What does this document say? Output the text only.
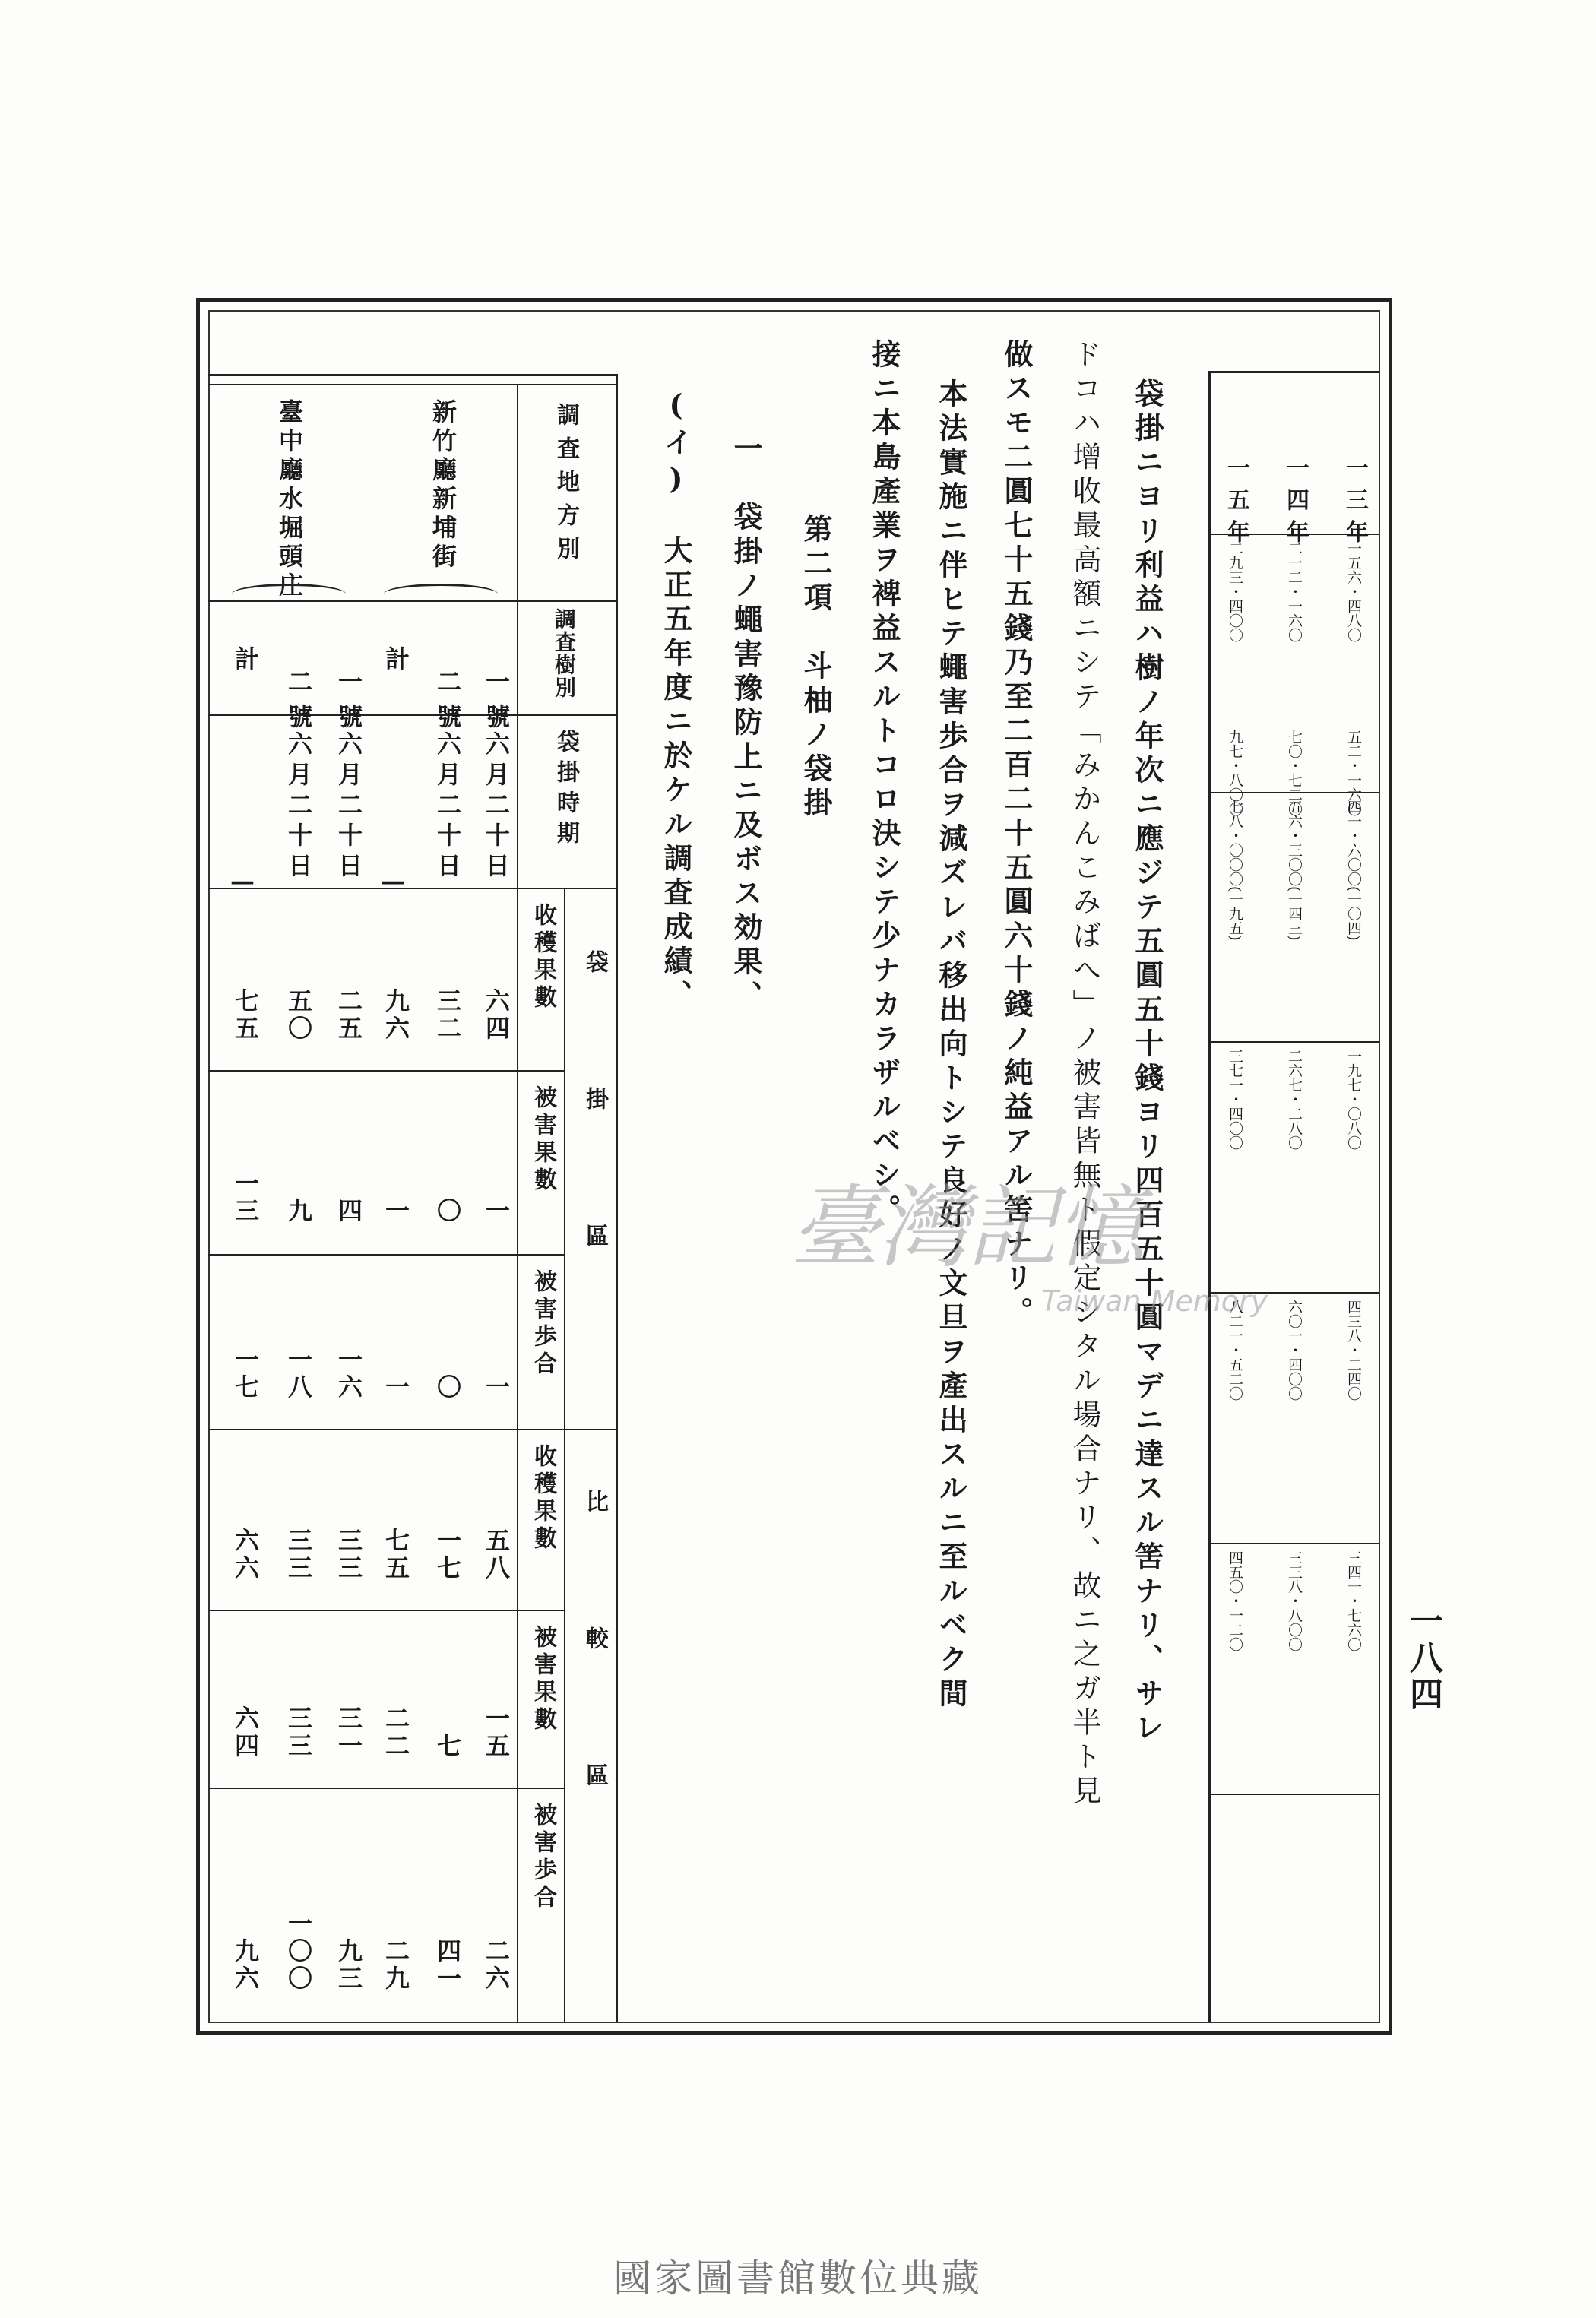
一八四
袋掛ニヨリ利益ハ樹ノ年次ニ應ジテ五圓五十錢ヨリ四百五十圓マデニ達スル筈ナリ、サレ
ドコハ增收最高額ニシテ「みかんこみばへ」ノ被害皆無ト假定シタル場合ナリ、故ニ之ガ半ト見
做スモ二圓七十五錢乃至二百二十五圓六十錢ノ純益アル筈ナリ。
本法實施ニ伴ヒテ蠅害歩合ヲ減ズレバ移出向トシテ良好ノ文旦ヲ產出スルニ至ルベク間
接ニ本島產業ヲ裨益スルトコロ決シテ少ナカラザルベシ。
第二項　斗柚ノ袋掛
一　袋掛ノ蠅害豫防上ニ及ボス効果、
(イ)　大正五年度ニ於ケル調査成績、
調査地方別
調査樹別
袋掛時期
袋掛區
比較區
收穫果數
被害果數
被害歩合
收穫果數
被害果數
被害歩合
新竹廳新埔街
臺中廳水堀頭庄
臺灣記憶
Taiwan Memory
國家圖書館數位典藏
一三年
五二・一六〇
一五六・四八〇
四一・六〇〇(一〇四)
一九七・〇八〇
四三八・二四〇
三四一・七六〇
一四年
七〇・七二〇
二一二・一六〇
五六・三〇〇(一四三)
二六七・二八〇
六〇一・四〇〇
三三八・八〇〇
一五年
九七・八〇〇
二九三・四〇〇
七八・〇〇〇(一九五)
三七一・四〇〇
八二一・五二〇
四五〇・一二〇
一號
六月二十日
六四
一
一
五八
一五
二六
二號
六月二十日
三二
〇
〇
一七
七
四一
計
—
九六
一
一
七五
二二
二九
一號
六月二十日
二五
四
一六
三三
三一
九三
二號
六月二十日
五〇
九
一八
三三
三三
一〇〇
計
—
七五
一三
一七
六六
六四
九六
